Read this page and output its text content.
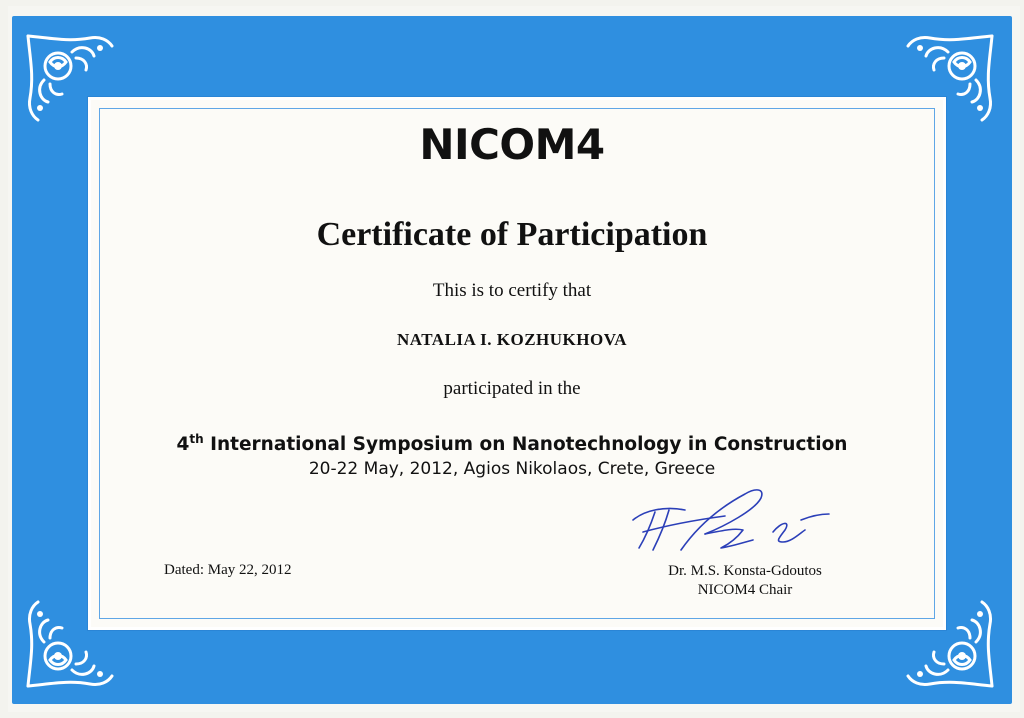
NICOM4
Certificate of Participation
This is to certify that
NATALIA I. KOZHUKHOVA
participated in the
4th International Symposium on Nanotechnology in Construction
20-22 May, 2012, Agios Nikolaos, Crete, Greece
Dated: May 22, 2012	Dr. M.S. Konsta-Gdoutos
NICOM4 Chair
